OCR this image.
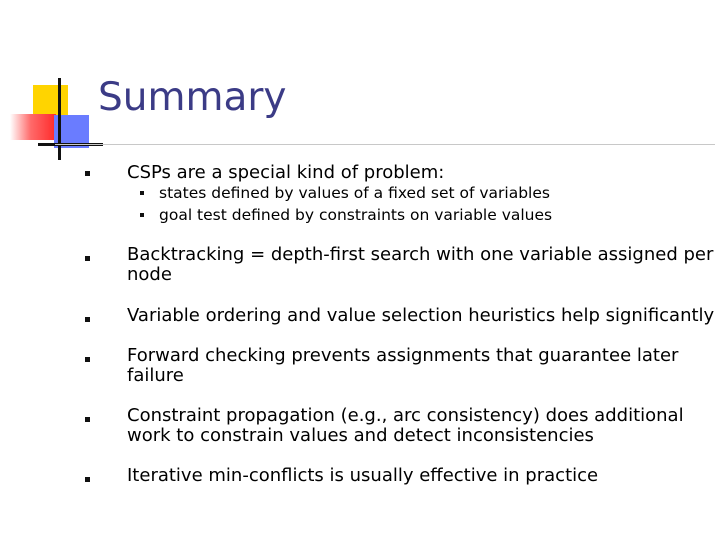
Summary
CSPs are a special kind of problem:
states defined by values of a fixed set of variables
goal test defined by constraints on variable values
Backtracking = depth-first search with one variable assigned per
node
Variable ordering and value selection heuristics help significantly
Forward checking prevents assignments that guarantee later
failure
Constraint propagation (e.g., arc consistency) does additional
work to constrain values and detect inconsistencies
Iterative min-conflicts is usually effective in practice
